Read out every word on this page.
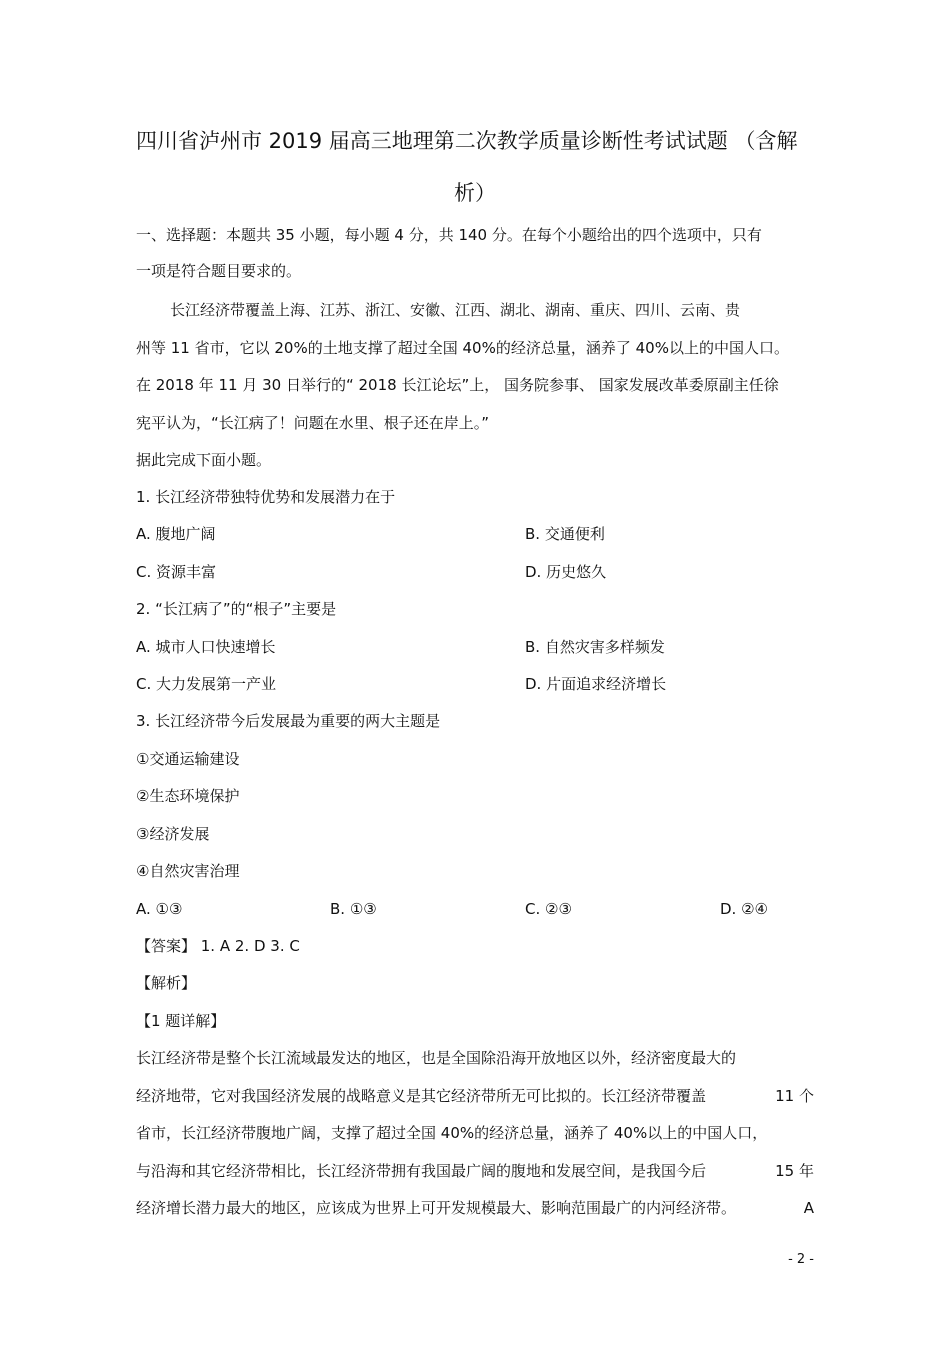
四川省泸州市 2019 届高三地理第二次教学质量诊断性考试试题 （含解
析）
一、选择题：本题共 35 小题，每小题 4 分，共 140 分。在每个小题给出的四个选项中，只有
一项是符合题目要求的。
长江经济带覆盖上海、江苏、浙江、安徽、江西、湖北、湖南、重庆、四川、云南、贵
州等 11 省市，它以 20%的土地支撑了超过全国 40%的经济总量，涵养了 40%以上的中国人口。
在 2018 年 11 月 30 日举行的“ 2018 长江论坛”上， 国务院参事、 国家发展改革委原副主任徐
宪平认为，“长江病了！问题在水里、根子还在岸上。”
据此完成下面小题。
1. 长江经济带独特优势和发展潜力在于
A. 腹地广阔	B. 交通便利
C. 资源丰富	D. 历史悠久
2. “长江病了”的“根子”主要是
A. 城市人口快速增长	B. 自然灾害多样频发
C. 大力发展第一产业	D. 片面追求经济增长
3. 长江经济带今后发展最为重要的两大主题是
①交通运输建设
②生态环境保护
③经济发展
④自然灾害治理
A. ①③	B. ①③	C. ②③	D. ②④
【答案】 1. A 2. D 3. C
【解析】
【1 题详解】
长江经济带是整个长江流域最发达的地区，也是全国除沿海开放地区以外，经济密度最大的
经济地带，它对我国经济发展的战略意义是其它经济带所无可比拟的。长江经济带覆盖	11 个
省市，长江经济带腹地广阔，支撑了超过全国 40%的经济总量，涵养了 40%以上的中国人口，
与沿海和其它经济带相比，长江经济带拥有我国最广阔的腹地和发展空间，是我国今后	15 年
经济增长潜力最大的地区，应该成为世界上可开发规模最大、影响范围最广的内河经济带。	A
- 2 -
